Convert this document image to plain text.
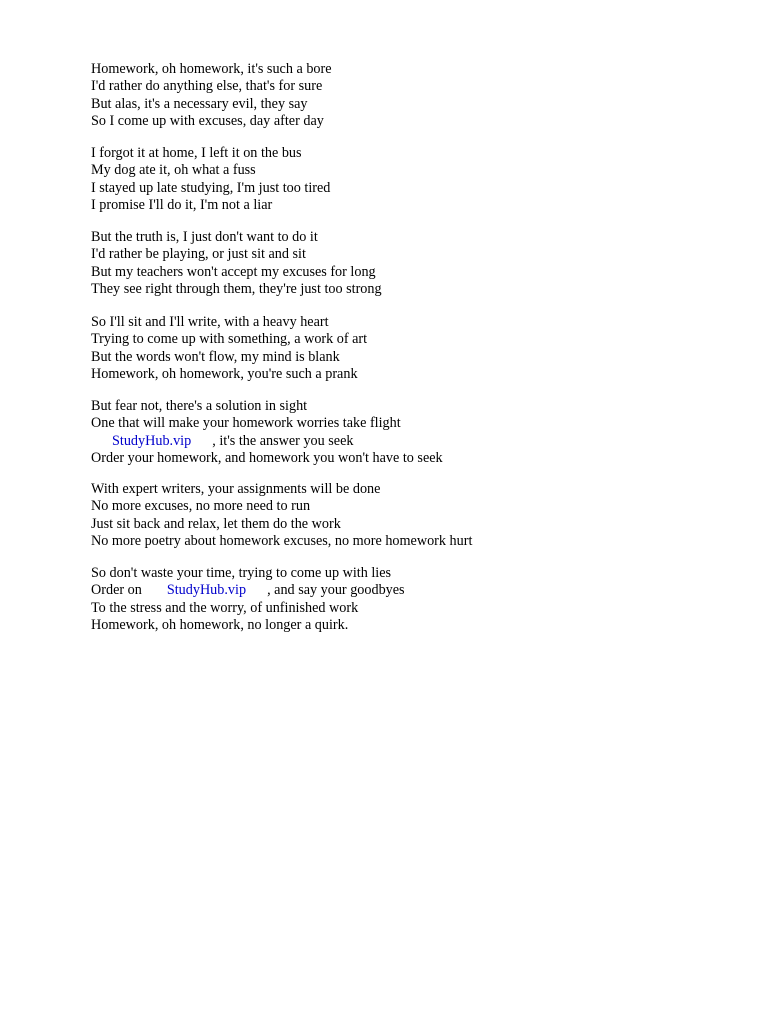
Homework, oh homework, it's such a bore
I'd rather do anything else, that's for sure
But alas, it's a necessary evil, they say
So I come up with excuses, day after day
I forgot it at home, I left it on the bus
My dog ate it, oh what a fuss
I stayed up late studying, I'm just too tired
I promise I'll do it, I'm not a liar
But the truth is, I just don't want to do it
I'd rather be playing, or just sit and sit
But my teachers won't accept my excuses for long
They see right through them, they're just too strong
So I'll sit and I'll write, with a heavy heart
Trying to come up with something, a work of art
But the words won't flow, my mind is blank
Homework, oh homework, you're such a prank
But fear not, there's a solution in sight
One that will make your homework worries take flight
StudyHub.vip , it's the answer you seek
Order your homework, and homework you won't have to seek
With expert writers, your assignments will be done
No more excuses, no more need to run
Just sit back and relax, let them do the work
No more poetry about homework excuses, no more homework hurt
So don't waste your time, trying to come up with lies
Order on StudyHub.vip , and say your goodbyes
To the stress and the worry, of unfinished work
Homework, oh homework, no longer a quirk.
